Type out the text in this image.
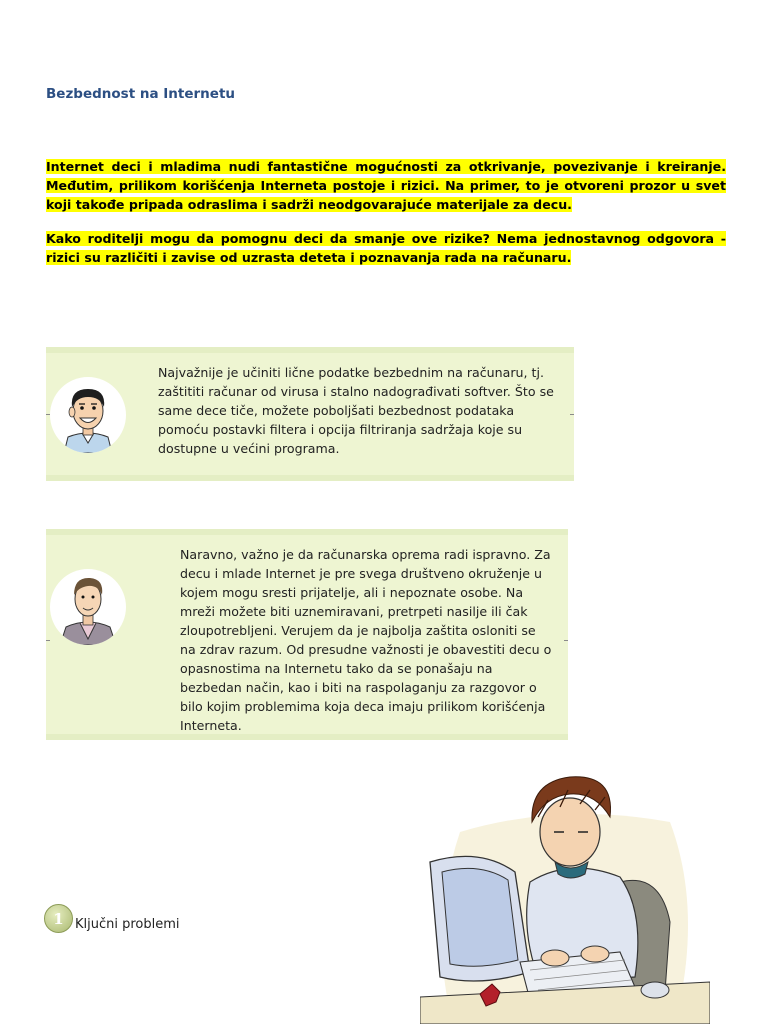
Bezbednost na Internetu

Internet deci i mladima nudi fantastične mogućnosti za otkrivanje, povezivanje i kreiranje. Međutim, prilikom korišćenja Interneta postoje i rizici. Na primer, to je otvoreni prozor u svet koji takođe pripada odraslima i sadrži neodgovarajuće materijale za decu.

Kako roditelji mogu da pomognu deci da smanje ove rizike? Nema jednostavnog odgovora - rizici su različiti i zavise od uzrasta deteta i poznavanja rada na računaru.

Najvažnije je učiniti lične podatke bezbednim na računaru, tj. zaštititi računar od virusa i stalno nadograđivati softver. Što se same dece tiče, možete poboljšati bezbednost podataka pomoću postavki filtera i opcija filtriranja sadržaja koje su dostupne u većini programa.

Naravno, važno je da računarska oprema radi ispravno. Za decu i mlade Internet je pre svega društveno okruženje u kojem mogu sresti prijatelje, ali i nepoznate osobe. Na mreži možete biti uznemiravani, pretrpeti nasilje ili čak zloupotrebljeni. Verujem da je najbolja zaštita osloniti se na zdrav razum. Od presudne važnosti je obavestiti decu o opasnostima na Internetu tako da se ponašaju na bezbedan način, kao i biti na raspolaganju za razgovor o bilo kojim problemima koja deca imaju prilikom korišćenja Interneta.

1 Ključni problemi
